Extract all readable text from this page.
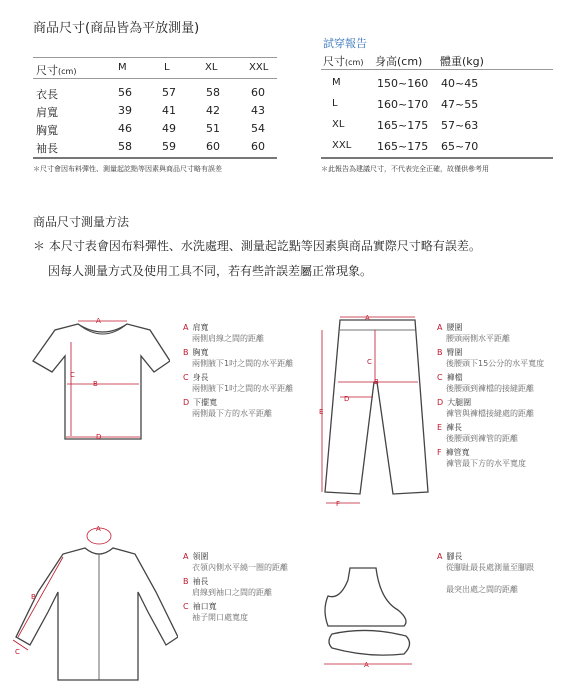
商品尺寸(商品皆為平放測量)
尺寸(cm)	M	L	XL	XXL
衣長	56	57	58	60
肩寬	39	41	42	43
胸寬	46	49	51	54
袖長	58	59	60	60
＊尺寸會因布料彈性、測量起訖點等因素與商品尺寸略有誤差
試穿報告
尺寸(cm) 身高(cm) 體重(kg)
M	150~160 40~45
L	160~170 47~55
XL	165~175 57~63
XXL 165~175 65~70
＊此報告為建議尺寸，不代表完全正確，故僅供參考用
商品尺寸測量方法
＊ 本尺寸表會因布料彈性、水洗處理、測量起訖點等因素與商品實際尺寸略有誤差。
因每人測量方式及使用工具不同，若有些許誤差屬正常現象。
A
B
C
D
A 肩寬
兩側肩線之間的距離
B 胸寬
兩側腋下1吋之間的水平距離
C 身長
兩側腋下1吋之間的水平距離
D 下擺寬
兩側最下方的水平距離
A
B
C
D
E
F
A 腰圍
腰頭兩側水平距離
B 臀圍
後腰頭下15公分的水平寬度
C 褲檔
後腰頭到褲檔的接縫距離
D 大腿圍
褲管與褲檔接縫處的距離
E 褲長
後腰頭到褲管的距離
F 褲管寬
褲管最下方的水平寬度
A
B
C
A 領圍
衣領內側水平繞一圈的距離
B 袖長
肩線到袖口之間的距離
C 袖口寬
袖子開口處寬度
A
A 腳長
從腳趾最長處測量至腳跟
最突出處之間的距離
